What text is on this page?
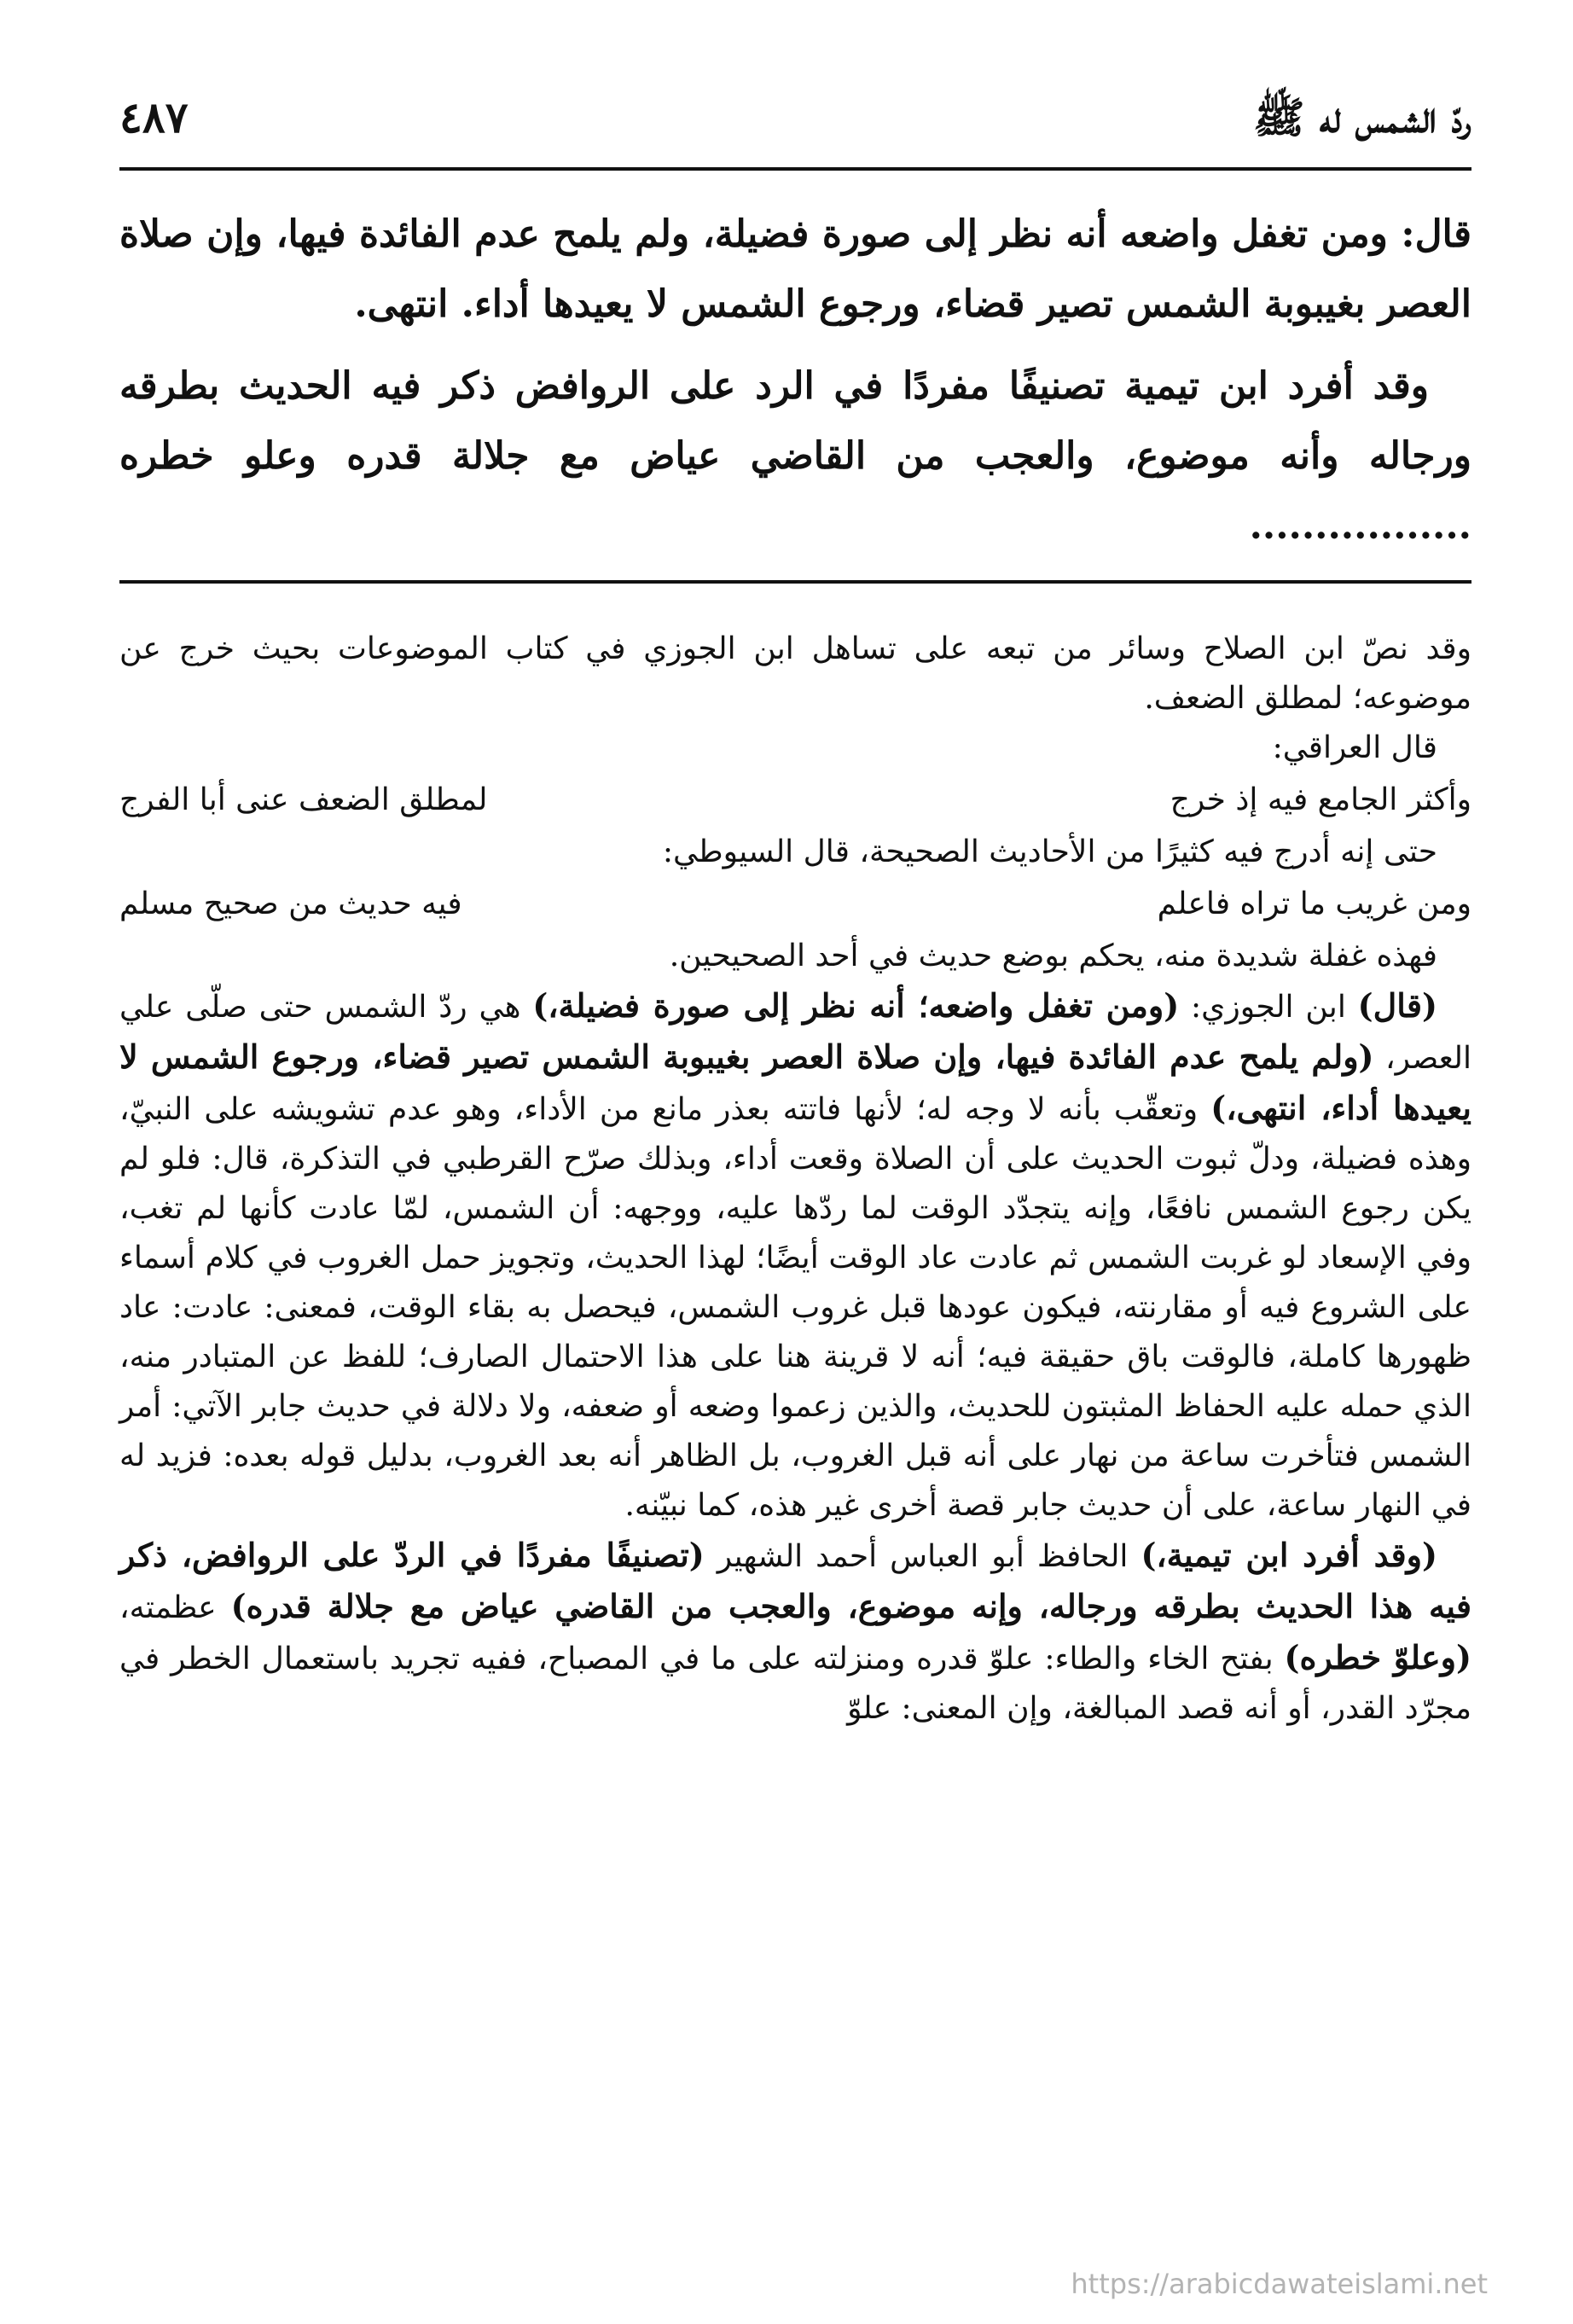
ردّ الشمس له ﷺ
٤٨٧

قال: ومن تغفل واضعه أنه نظر إلى صورة فضيلة، ولم يلمح عدم الفائدة فيها، وإن صلاة العصر بغيبوبة الشمس تصير قضاء، ورجوع الشمس لا يعيدها أداء. انتهى.

وقد أفرد ابن تيمية تصنيفًا مفردًا في الرد على الروافض ذكر فيه الحديث بطرقه ورجاله وأنه موضوع، والعجب من القاضي عياض مع جلالة قدره وعلو خطره .................

وقد نصّ ابن الصلاح وسائر من تبعه على تساهل ابن الجوزي في كتاب الموضوعات بحيث خرج عن موضوعه؛ لمطلق الضعف.

قال العراقي:

وأكثر الجامع فيه إذ خرج
لمطلق الضعف عنى أبا الفرج

حتى إنه أدرج فيه كثيرًا من الأحاديث الصحيحة، قال السيوطي:

ومن غريب ما تراه فاعلم
فيه حديث من صحيح مسلم

فهذه غفلة شديدة منه، يحكم بوضع حديث في أحد الصحيحين.

(قال) ابن الجوزي: (ومن تغفل واضعه؛ أنه نظر إلى صورة فضيلة،) هي ردّ الشمس حتى صلّى علي العصر، (ولم يلمح عدم الفائدة فيها، وإن صلاة العصر بغيبوبة الشمس تصير قضاء، ورجوع الشمس لا يعيدها أداء، انتهى،) وتعقّب بأنه لا وجه له؛ لأنها فاتته بعذر مانع من الأداء، وهو عدم تشويشه على النبيّ، وهذه فضيلة، ودلّ ثبوت الحديث على أن الصلاة وقعت أداء، وبذلك صرّح القرطبي في التذكرة، قال: فلو لم يكن رجوع الشمس نافعًا، وإنه يتجدّد الوقت لما ردّها عليه، ووجهه: أن الشمس، لمّا عادت كأنها لم تغب، وفي الإسعاد لو غربت الشمس ثم عادت عاد الوقت أيضًا؛ لهذا الحديث، وتجويز حمل الغروب في كلام أسماء على الشروع فيه أو مقارنته، فيكون عودها قبل غروب الشمس، فيحصل به بقاء الوقت، فمعنى: عادت: عاد ظهورها كاملة، فالوقت باق حقيقة فيه؛ أنه لا قرينة هنا على هذا الاحتمال الصارف؛ للفظ عن المتبادر منه، الذي حمله عليه الحفاظ المثبتون للحديث، والذين زعموا وضعه أو ضعفه، ولا دلالة في حديث جابر الآتي: أمر الشمس فتأخرت ساعة من نهار على أنه قبل الغروب، بل الظاهر أنه بعد الغروب، بدليل قوله بعده: فزيد له في النهار ساعة، على أن حديث جابر قصة أخرى غير هذه، كما نبيّنه.

(وقد أفرد ابن تيمية،) الحافظ أبو العباس أحمد الشهير (تصنيفًا مفردًا في الردّ على الروافض، ذكر فيه هذا الحديث بطرقه ورجاله، وإنه موضوع، والعجب من القاضي عياض مع جلالة قدره) عظمته، (وعلوّ خطره) بفتح الخاء والطاء: علوّ قدره ومنزلته على ما في المصباح، ففيه تجريد باستعمال الخطر في مجرّد القدر، أو أنه قصد المبالغة، وإن المعنى: علوّ

https://arabicdawateislami.net
